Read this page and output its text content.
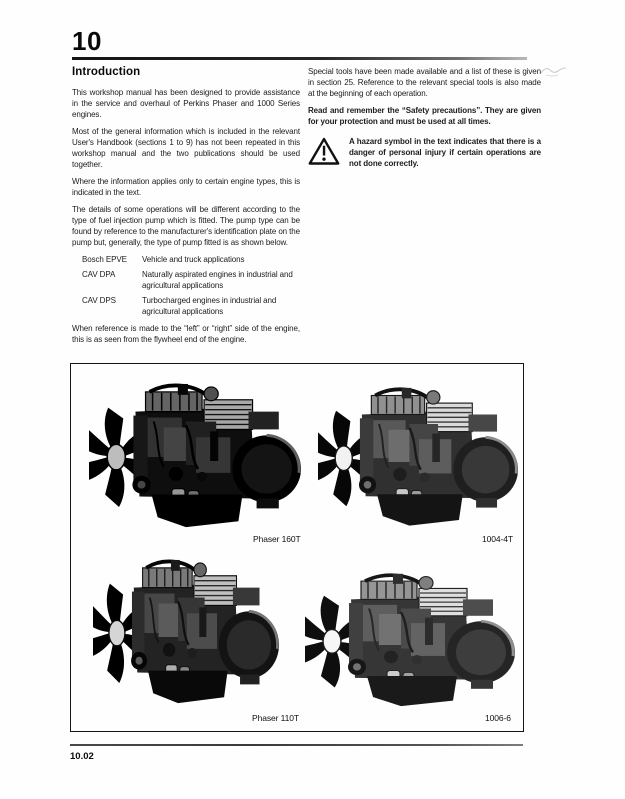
10
Introduction

This workshop manual has been designed to provide assistance in the service and overhaul of Perkins Phaser and 1000 Series engines.

Most of the general information which is included in the relevant User's Handbook (sections 1 to 9) has not been repeated in this workshop manual and the two publications should be used together.

Where the information applies only to certain engine types, this is indicated in the text.

The details of some operations will be different according to the type of fuel injection pump which is fitted. The pump type can be found by reference to the manufacturer's identification plate on the pump but, generally, the type of pump fitted is as shown below.

Bosch EPVE	Vehicle and truck applications
CAV DPA	Naturally aspirated engines in industrial and agricultural applications
CAV DPS	Turbocharged engines in industrial and agricultural applications

When reference is made to the “left” or “right” side of the engine, this is as seen from the flywheel end of the engine.

Special tools have been made available and a list of these is given in section 25. Reference to the relevant special tools is also made at the beginning of each operation.

Read and remember the “Safety precautions”. They are given for your protection and must be used at all times.

A hazard symbol in the text indicates that there is a danger of personal injury if certain operations are not done correctly.
Phaser 160T	1004-4T
Phaser 110T	1006-6
10.02
